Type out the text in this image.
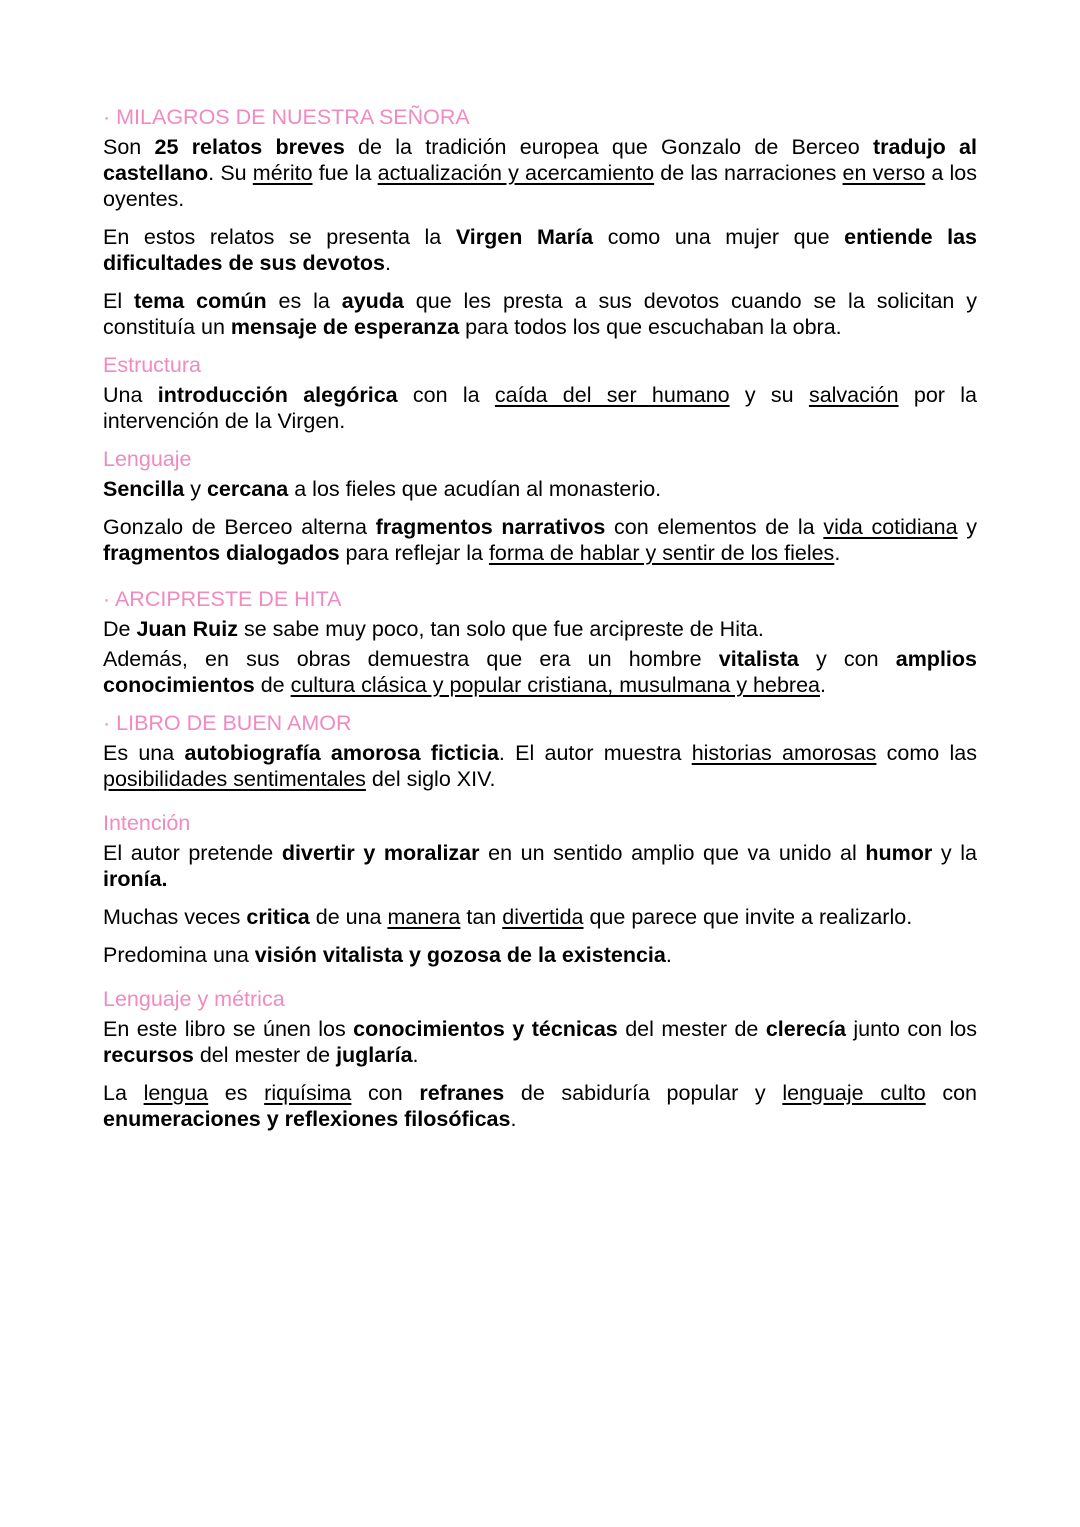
· MILAGROS DE NUESTRA SEÑORA

Son 25 relatos breves de la tradición europea que Gonzalo de Berceo tradujo al castellano. Su mérito fue la actualización y acercamiento de las narraciones en verso a los oyentes.

En estos relatos se presenta la Virgen María como una mujer que entiende las dificultades de sus devotos.

El tema común es la ayuda que les presta a sus devotos cuando se la solicitan y constituía un mensaje de esperanza para todos los que escuchaban la obra.

Estructura

Una introducción alegórica con la caída del ser humano y su salvación por la intervención de la Virgen.

Lenguaje

Sencilla y cercana a los fieles que acudían al monasterio.

Gonzalo de Berceo alterna fragmentos narrativos con elementos de la vida cotidiana y fragmentos dialogados para reflejar la forma de hablar y sentir de los fieles.

· ARCIPRESTE DE HITA

De Juan Ruiz se sabe muy poco, tan solo que fue arcipreste de Hita.

Además, en sus obras demuestra que era un hombre vitalista y con amplios conocimientos de cultura clásica y popular cristiana, musulmana y hebrea.

· LIBRO DE BUEN AMOR

Es una autobiografía amorosa ficticia. El autor muestra historias amorosas como las posibilidades sentimentales del siglo XIV.

Intención

El autor pretende divertir y moralizar en un sentido amplio que va unido al humor y la ironía.

Muchas veces critica de una manera tan divertida que parece que invite a realizarlo.

Predomina una visión vitalista y gozosa de la existencia.

Lenguaje y métrica

En este libro se únen los conocimientos y técnicas del mester de clerecía junto con los recursos del mester de juglaría.

La lengua es riquísima con refranes de sabiduría popular y lenguaje culto con enumeraciones y reflexiones filosóficas.
